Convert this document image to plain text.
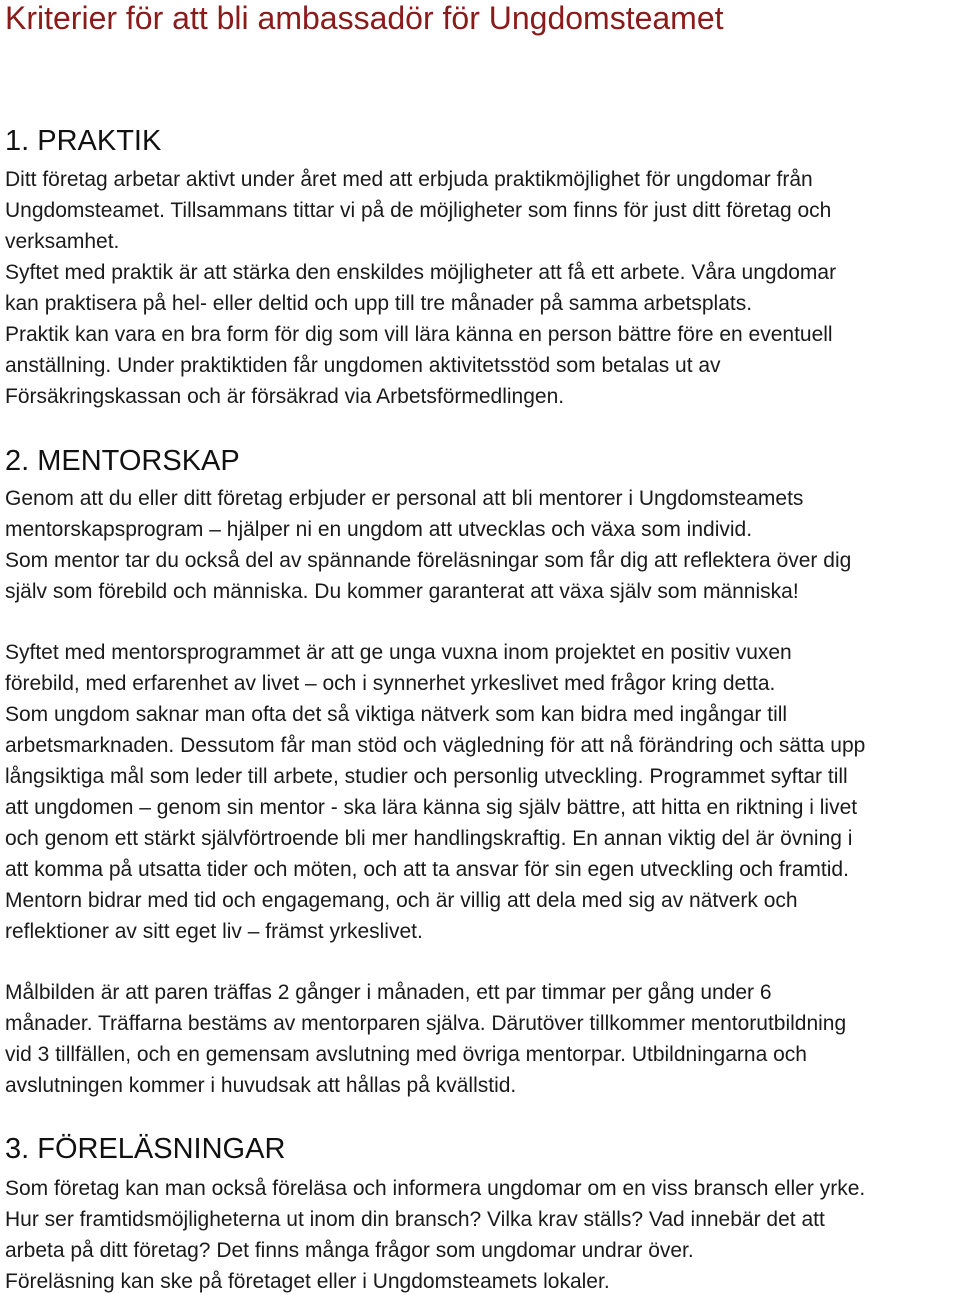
Kriterier för att bli ambassadör för Ungdomsteamet
1. PRAKTIK
Ditt företag arbetar aktivt under året med att erbjuda praktikmöjlighet för ungdomar från
Ungdomsteamet. Tillsammans tittar vi på de möjligheter som finns för just ditt företag och
verksamhet.
Syftet med praktik är att stärka den enskildes möjligheter att få ett arbete. Våra ungdomar
kan praktisera på hel- eller deltid och upp till tre månader på samma arbetsplats.
Praktik kan vara en bra form för dig som vill lära känna en person bättre före en eventuell
anställning. Under praktiktiden får ungdomen aktivitetsstöd som betalas ut av
Försäkringskassan och är försäkrad via Arbetsförmedlingen.
2. MENTORSKAP
Genom att du eller ditt företag erbjuder er personal att bli mentorer i Ungdomsteamets
mentorskapsprogram – hjälper ni en ungdom att utvecklas och växa som individ.
Som mentor tar du också del av spännande föreläsningar som får dig att reflektera över dig
själv som förebild och människa. Du kommer garanterat att växa själv som människa!
Syftet med mentorsprogrammet är att ge unga vuxna inom projektet en positiv vuxen
förebild, med erfarenhet av livet – och i synnerhet yrkeslivet med frågor kring detta.
Som ungdom saknar man ofta det så viktiga nätverk som kan bidra med ingångar till
arbetsmarknaden. Dessutom får man stöd och vägledning för att nå förändring och sätta upp
långsiktiga mål som leder till arbete, studier och personlig utveckling. Programmet syftar till
att ungdomen – genom sin mentor - ska lära känna sig själv bättre, att hitta en riktning i livet
och genom ett stärkt självförtroende bli mer handlingskraftig. En annan viktig del är övning i
att komma på utsatta tider och möten, och att ta ansvar för sin egen utveckling och framtid.
Mentorn bidrar med tid och engagemang, och är villig att dela med sig av nätverk och
reflektioner av sitt eget liv – främst yrkeslivet.
Målbilden är att paren träffas 2 gånger i månaden, ett par timmar per gång under 6
månader. Träffarna bestäms av mentorparen själva. Därutöver tillkommer mentorutbildning
vid 3 tillfällen, och en gemensam avslutning med övriga mentorpar. Utbildningarna och
avslutningen kommer i huvudsak att hållas på kvällstid.
3. FÖRELÄSNINGAR
Som företag kan man också föreläsa och informera ungdomar om en viss bransch eller yrke.
Hur ser framtidsmöjligheterna ut inom din bransch? Vilka krav ställs? Vad innebär det att
arbeta på ditt företag? Det finns många frågor som ungdomar undrar över.
Föreläsning kan ske på företaget eller i Ungdomsteamets lokaler.
